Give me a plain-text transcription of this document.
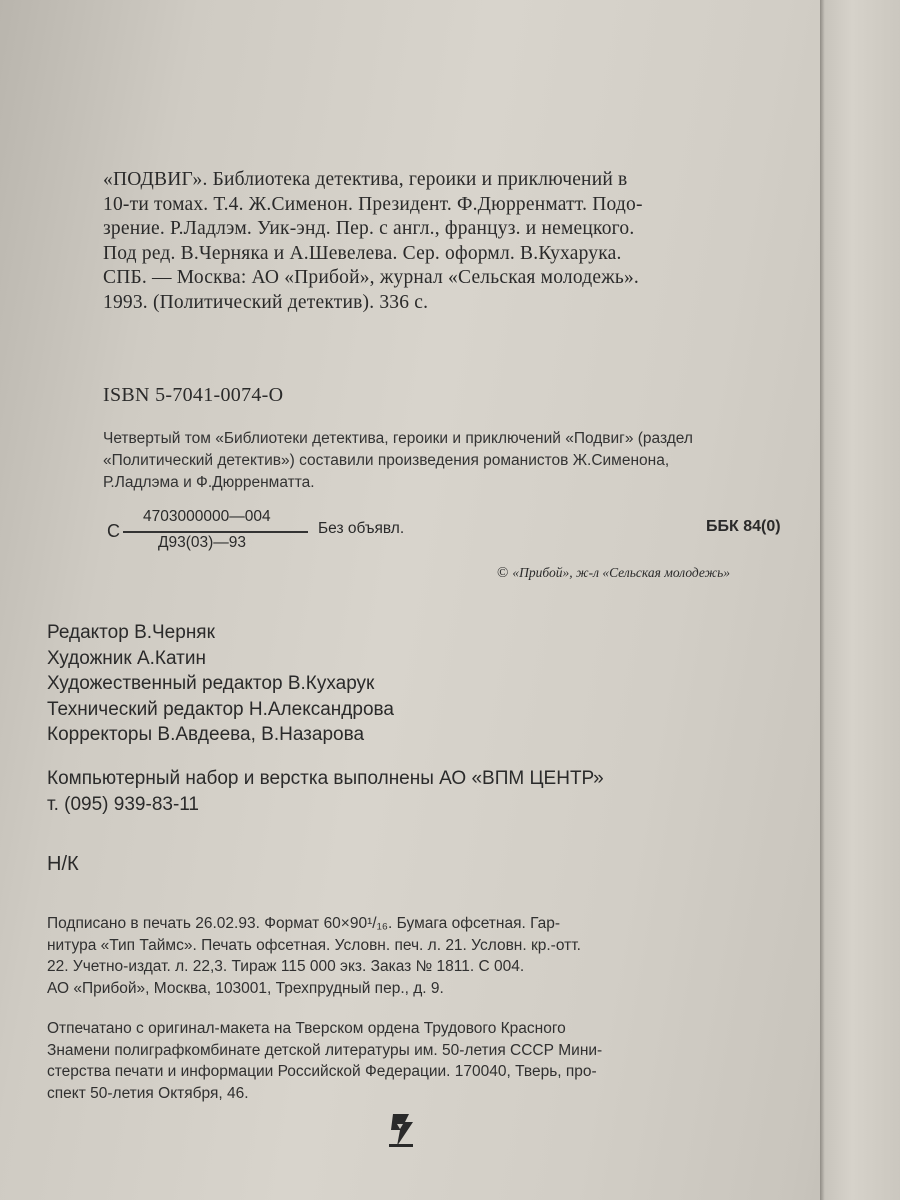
«ПОДВИГ». Библиотека детектива, героики и приключений в
10-ти томах. Т.4. Ж.Сименон. Президент. Ф.Дюрренматт. Подо-
зрение. Р.Ладлэм. Уик-энд. Пер. с англ., француз. и немецкого.
Под ред. В.Черняка и А.Шевелева. Сер. оформл. В.Кухарука.
СПБ. — Москва: АО «Прибой», журнал «Сельская молодежь».
1993. (Политический детектив). 336 с.
ISBN 5-7041-0074-О
Четвертый том «Библиотеки детектива, героики и приключений «Подвиг» (раздел
«Политический детектив») составили произведения романистов Ж.Сименона,
Р.Ладлэма и Ф.Дюрренматта.
С
4703000000—004
Д93(03)—93
Без объявл.	ББК 84(0)
© «Прибой», ж-л «Сельская молодежь»
Редактор В.Черняк
Художник А.Катин
Художественный редактор В.Кухарук
Технический редактор Н.Александрова
Корректоры В.Авдеева, В.Назарова
Компьютерный набор и верстка выполнены АО «ВПМ ЦЕНТР»
т. (095) 939-83-11
Н/К
Подписано в печать 26.02.93. Формат 60×90¹/₁₆. Бумага офсетная. Гар-
нитура «Тип Таймс». Печать офсетная. Условн. печ. л. 21. Условн. кр.-отт.
22. Учетно-издат. л. 22,3. Тираж 115 000 экз. Заказ № 1811. С 004.
АО «Прибой», Москва, 103001, Трехпрудный пер., д. 9.
Отпечатано с оригинал-макета на Тверском ордена Трудового Красного
Знамени полиграфкомбинате детской литературы им. 50-летия СССР Мини-
стерства печати и информации Российской Федерации. 170040, Тверь, про-
спект 50-летия Октября, 46.
